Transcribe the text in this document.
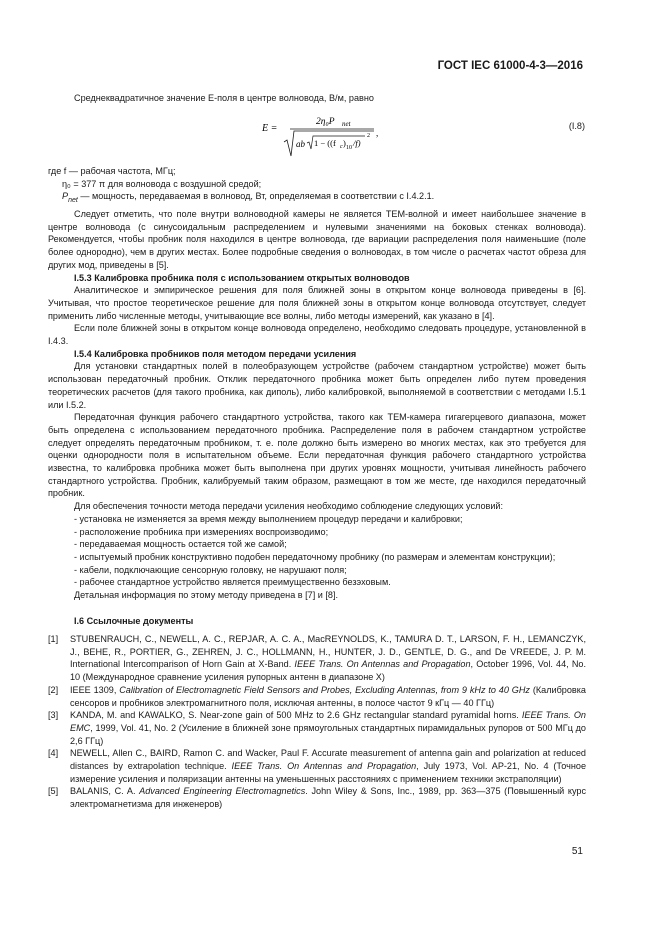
ГОСТ IEC 61000-4-3—2016

Среднеквадратичное значение E-поля в центре волновода, В/м, равно

E =
2η₀P net
ab 1 − ((f c ) 10 /f)
2 ,
(I.8)

где f — рабочая частота, МГц;

η₀ = 377 π для волновода с воздушной средой;

$P_{net}$ — мощность, передаваемая в волновод, Вт, определяемая в соответствии с I.4.2.1.

Следует отметить, что поле внутри волноводной камеры не является ТЕМ-волной и имеет наибольшее значение в центре волновода (с синусоидальным распределением и нулевыми значениями на боковых стенках волновода). Рекомендуется, чтобы пробник поля находился в центре волновода, где вариации распределения поля наименьшие (поле более однородно), чем в других местах. Более подробные сведения о волноводах, в том числе о расчетах частот обреза для других мод, приведены в [5].

I.5.3 Калибровка пробника поля с использованием открытых волноводов

Аналитическое и эмпирическое решения для поля ближней зоны в открытом конце волновода приведены в [6]. Учитывая, что простое теоретическое решение для поля ближней зоны в открытом конце волновода отсутствует, следует применить либо численные методы, учитывающие все волны, либо методы измерений, как указано в [4].

Если поле ближней зоны в открытом конце волновода определено, необходимо следовать процедуре, установленной в I.4.3.

I.5.4 Калибровка пробников поля методом передачи усиления

Для установки стандартных полей в полеобразующем устройстве (рабочем стандартном устройстве) может быть использован передаточный пробник. Отклик передаточного пробника может быть определен либо путем проведения теоретических расчетов (для такого пробника, как диполь), либо калибровкой, выполняемой в соответствии с методами I.5.1 или I.5.2.

Передаточная функция рабочего стандартного устройства, такого как ТЕМ-камера гигагерцевого диапазона, может быть определена с использованием передаточного пробника. Распределение поля в рабочем стандартном устройстве следует определять передаточным пробником, т. е. поле должно быть измерено во многих местах, как это требуется для оценки однородности поля в испытательном объеме. Если передаточная функция рабочего стандартного устройства известна, то калибровка пробника может быть выполнена при других уровнях мощности, учитывая линейность рабочего стандартного устройства. Пробник, калибруемый таким образом, размещают в том же месте, где находился передаточный пробник.

Для обеспечения точности метода передачи усиления необходимо соблюдение следующих условий:

- установка не изменяется за время между выполнением процедур передачи и калибровки;

- расположение пробника при измерениях воспроизводимо;

- передаваемая мощность остается той же самой;

- испытуемый пробник конструктивно подобен передаточному пробнику (по размерам и элементам конструкции);

- кабели, подключающие сенсорную головку, не нарушают поля;

- рабочее стандартное устройство является преимущественно безэховым.

Детальная информация по этому методу приведена в [7] и [8].

I.6 Ссылочные документы
[1]	STUBENRAUCH, C., NEWELL, A. C., REPJAR, A. C. A., MacREYNOLDS, K., TAMURA D. T., LARSON, F. H., LEMANCZYK, J., BEHE, R., PORTIER, G., ZEHREN, J. C., HOLLMANN, H., HUNTER, J. D., GENTLE, D. G., and De VREEDE, J. P. M. International Intercomparison of Horn Gain at X-Band. IEEE Trans. On Antennas and Propagation, October 1996, Vol. 44, No. 10 (Международное сравнение усиления рупорных антенн в диапазоне X)
[2]	IEEE 1309, Calibration of Electromagnetic Field Sensors and Probes, Excluding Antennas, from 9 kHz to 40 GHz (Калибровка сенсоров и пробников электромагнитного поля, исключая антенны, в полосе частот 9 кГц — 40 ГГц)
[3]	KANDA, M. and KAWALKO, S. Near-zone gain of 500 MHz to 2.6 GHz rectangular standard pyramidal horns. IEEE Trans. On EMC, 1999, Vol. 41, No. 2 (Усиление в ближней зоне прямоугольных стандартных пирамидальных рупоров от 500 МГц до 2,6 ГГц)
[4]	NEWELL, Allen C., BAIRD, Ramon C. and Wacker, Paul F. Accurate measurement of antenna gain and polarization at reduced distances by extrapolation technique. IEEE Trans. On Antennas and Propagation, July 1973, Vol. AP-21, No. 4 (Точное измерение усиления и поляризации антенны на уменьшенных расстояниях с применением техники экстраполяции)
[5]	BALANIS, C. A. Advanced Engineering Electromagnetics. John Wiley & Sons, Inc., 1989, pp. 363—375 (Повышенный курс электромагнетизма для инженеров)
51
